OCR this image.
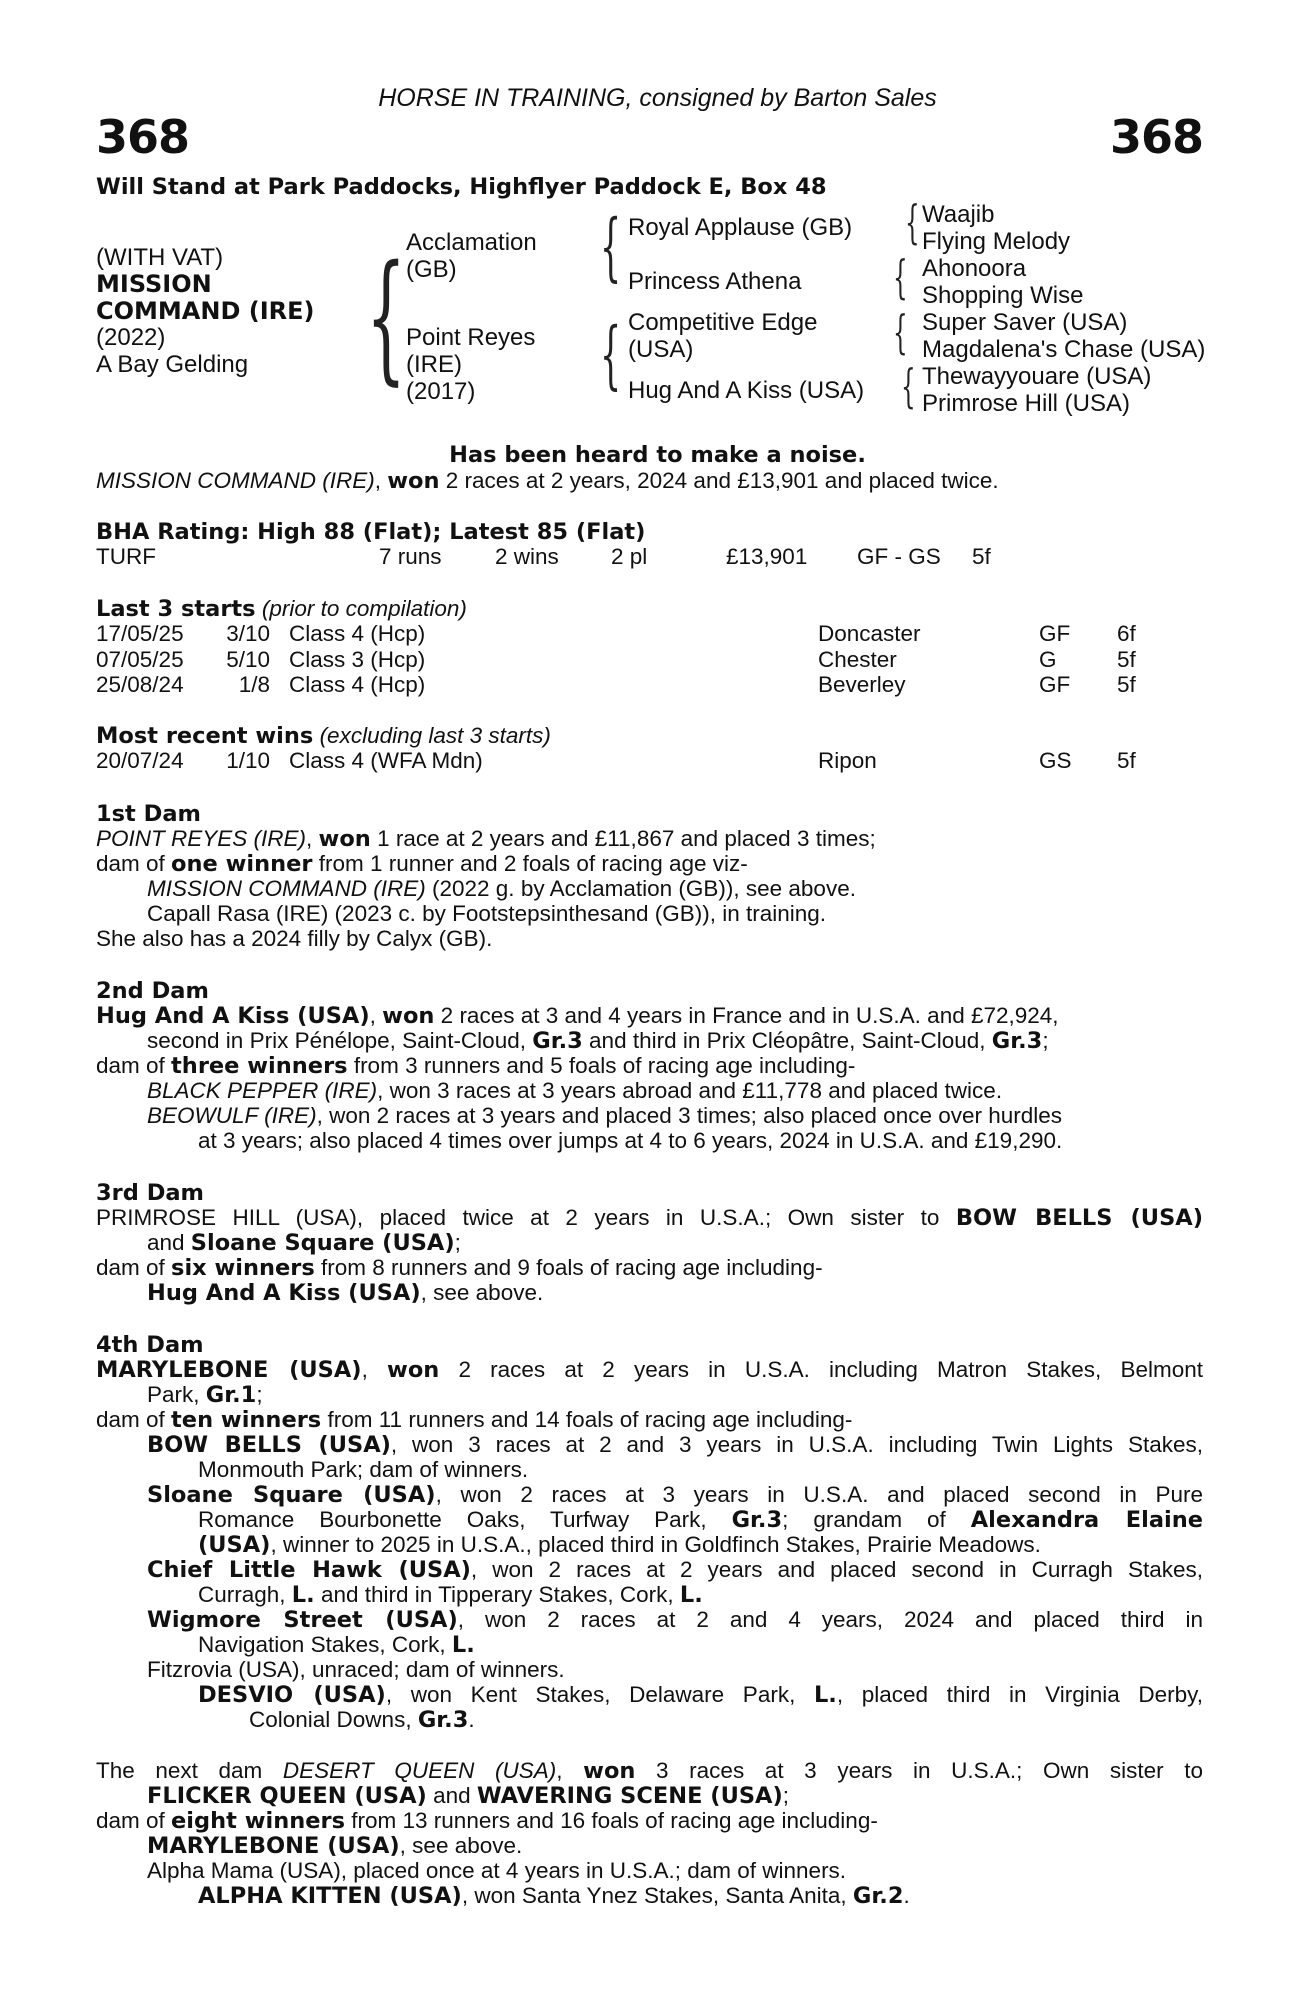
HORSE IN TRAINING, consigned by Barton Sales
368	368
Will Stand at Park Paddocks, Highflyer Paddock E, Box 48
(WITH VAT)
MISSION
COMMAND (IRE)
(2022)
A Bay Gelding { Acclamation
(GB)
Point Reyes
(IRE)
(2017)
{
{
Royal Applause (GB)
Princess Athena
Competitive Edge
(USA)
Hug And A Kiss (USA)
{
{
{
{
Waajib
Flying Melody
Ahonoora
Shopping Wise
Super Saver (USA)
Magdalena's Chase (USA)
Thewayyouare (USA)
Primrose Hill (USA)
Has been heard to make a noise.
MISSION COMMAND (IRE), won 2 races at 2 years, 2024 and £13,901 and placed twice.
BHA Rating: High 88 (Flat); Latest 85 (Flat)
TURF	7 runs 2 wins 2 pl	£13,901 GF - GS 5f
Last 3 starts (prior to compilation)
17/05/25	3/10 Class 4 (Hcp)	Doncaster	GF 6f
07/05/25	5/10 Class 3 (Hcp)	Chester	G	5f
25/08/24	1/8 Class 4 (Hcp)	Beverley	GF 5f
Most recent wins (excluding last 3 starts)
20/07/24	1/10 Class 4 (WFA Mdn)	Ripon	GS 5f
1st Dam
POINT REYES (IRE), won 1 race at 2 years and £11,867 and placed 3 times;
dam of one winner from 1 runner and 2 foals of racing age viz-
MISSION COMMAND (IRE) (2022 g. by Acclamation (GB)), see above.
Capall Rasa (IRE) (2023 c. by Footstepsinthesand (GB)), in training.
She also has a 2024 filly by Calyx (GB).
2nd Dam
Hug And A Kiss (USA), won 2 races at 3 and 4 years in France and in U.S.A. and £72,924,
second in Prix Pénélope, Saint-Cloud, Gr.3 and third in Prix Cléopâtre, Saint-Cloud, Gr.3;
dam of three winners from 3 runners and 5 foals of racing age including-
BLACK PEPPER (IRE), won 3 races at 3 years abroad and £11,778 and placed twice.
BEOWULF (IRE), won 2 races at 3 years and placed 3 times; also placed once over hurdles
at 3 years; also placed 4 times over jumps at 4 to 6 years, 2024 in U.S.A. and £19,290.
3rd Dam
PRIMROSE HILL (USA), placed twice at 2 years in U.S.A.; Own sister to BOW BELLS (USA)
and Sloane Square (USA);
dam of six winners from 8 runners and 9 foals of racing age including-
Hug And A Kiss (USA), see above.
4th Dam
MARYLEBONE (USA), won 2 races at 2 years in U.S.A. including Matron Stakes, Belmont
Park, Gr.1;
dam of ten winners from 11 runners and 14 foals of racing age including-
BOW BELLS (USA), won 3 races at 2 and 3 years in U.S.A. including Twin Lights Stakes,
Monmouth Park; dam of winners.
Sloane Square (USA), won 2 races at 3 years in U.S.A. and placed second in Pure
Romance Bourbonette Oaks, Turfway Park, Gr.3; grandam of Alexandra Elaine
(USA), winner to 2025 in U.S.A., placed third in Goldfinch Stakes, Prairie Meadows.
Chief Little Hawk (USA), won 2 races at 2 years and placed second in Curragh Stakes,
Curragh, L. and third in Tipperary Stakes, Cork, L.
Wigmore Street (USA), won 2 races at 2 and 4 years, 2024 and placed third in
Navigation Stakes, Cork, L.
Fitzrovia (USA), unraced; dam of winners.
DESVIO (USA), won Kent Stakes, Delaware Park, L., placed third in Virginia Derby,
Colonial Downs, Gr.3.
The next dam DESERT QUEEN (USA), won 3 races at 3 years in U.S.A.; Own sister to
FLICKER QUEEN (USA) and WAVERING SCENE (USA);
dam of eight winners from 13 runners and 16 foals of racing age including-
MARYLEBONE (USA), see above.
Alpha Mama (USA), placed once at 4 years in U.S.A.; dam of winners.
ALPHA KITTEN (USA), won Santa Ynez Stakes, Santa Anita, Gr.2.
